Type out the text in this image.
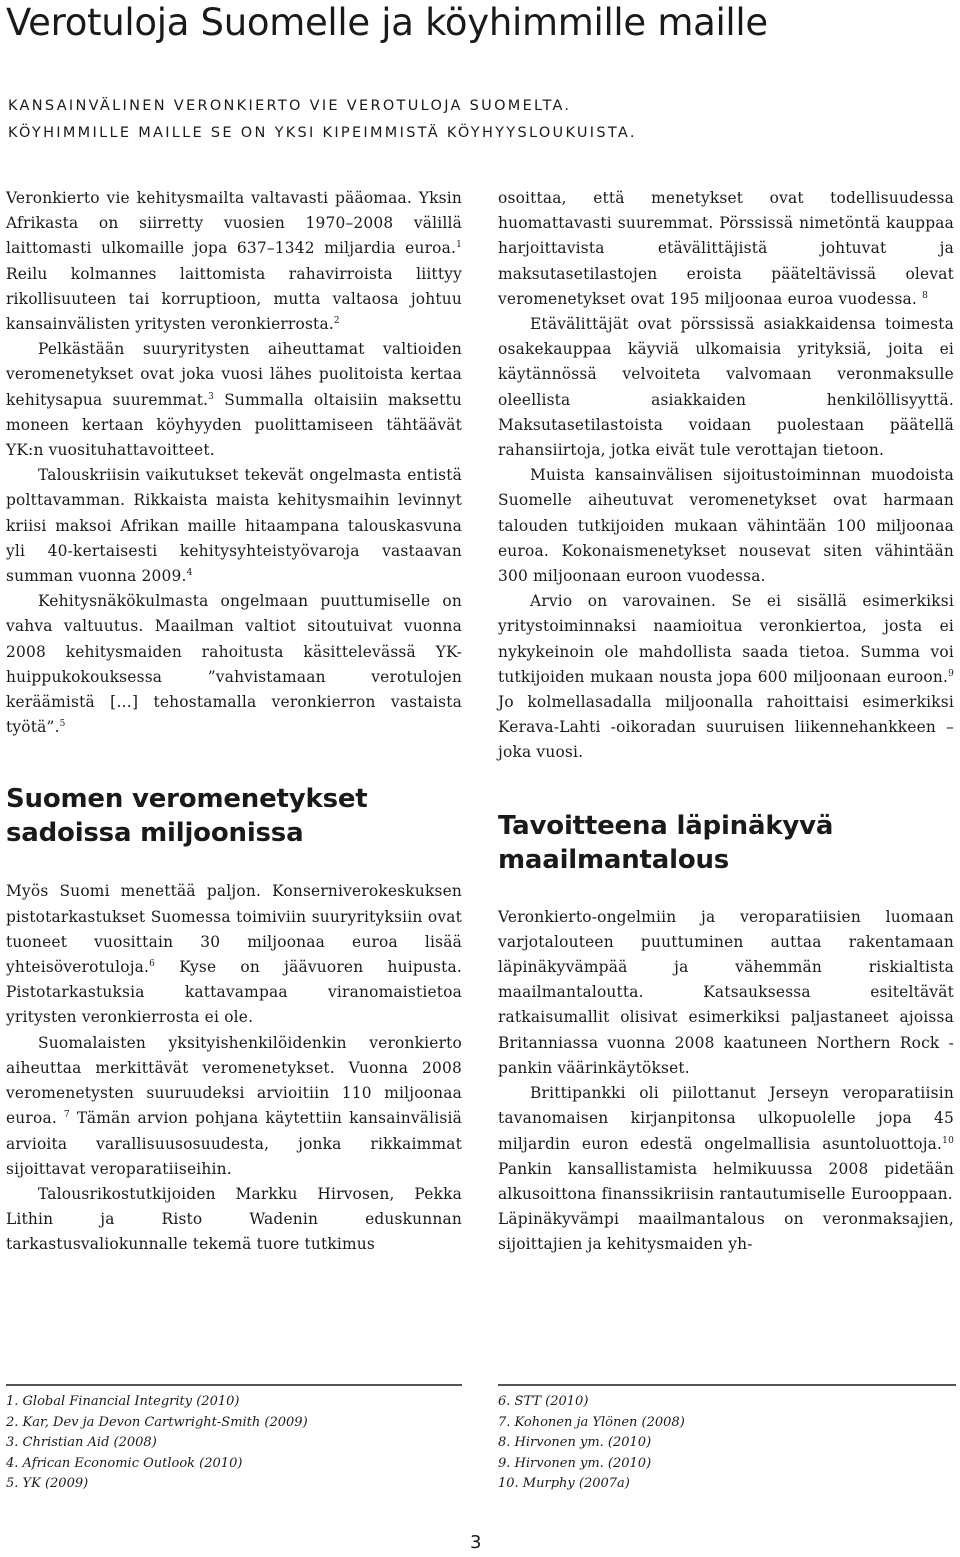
Verotuloja Suomelle ja köyhimmille maille
KANSAINVÄLINEN VERONKIERTO VIE VEROTULOJA SUOMELTA.
KÖYHIMMILLE MAILLE SE ON YKSI KIPEIMMISTÄ KÖYHYYSLOUKUISTA.

Veronkierto vie kehitysmailta valtavasti pääomaa. Yksin Afrikasta on siirretty vuosien 1970–2008 välillä laittomasti ulkomaille jopa 637–1342 miljardia euroa.$^1$ Reilu kolmannes laittomista rahavirroista liittyy rikollisuuteen tai korruptioon, mutta valtaosa johtuu kansainvälisten yritysten veronkierrosta.$^2$

Pelkästään suuryritysten aiheuttamat valtioiden veromenetykset ovat joka vuosi lähes puolitoista kertaa kehitysapua suuremmat.$^3$ Summalla oltaisiin maksettu moneen kertaan köyhyyden puolittamiseen tähtäävät YK:n vuosituhattavoitteet.

Talouskriisin vaikutukset tekevät ongelmasta entistä polttavamman. Rikkaista maista kehitysmaihin levinnyt kriisi maksoi Afrikan maille hitaampana talouskasvuna yli 40-kertaisesti kehitysyhteistyövaroja vastaavan summan vuonna 2009.$^4$

Kehitysnäkökulmasta ongelmaan puuttumiselle on vahva valtuutus. Maailman valtiot sitoutuivat vuonna 2008 kehitysmaiden rahoitusta käsittelevässä YK-huippukokouksessa ”vahvistamaan verotulojen keräämistä […] tehostamalla veronkierron vastaista työtä”.$^5$

Suomen veromenetykset sadoissa miljoonissa

Myös Suomi menettää paljon. Konserniverokeskuksen pistotarkastukset Suomessa toimiviin suuryrityksiin ovat tuoneet vuosittain 30 miljoonaa euroa lisää yhteisöverotuloja.$^6$ Kyse on jäävuoren huipusta. Pistotarkastuksia kattavampaa viranomaistietoa yritysten veronkierrosta ei ole.

Suomalaisten yksityishenkilöidenkin veronkierto aiheuttaa merkittävät veromenetykset. Vuonna 2008 veromenetysten suuruudeksi arvioitiin 110 miljoonaa euroa. $^7$ Tämän arvion pohjana käytettiin kansainvälisiä arvioita varallisuusosuudesta, jonka rikkaimmat sijoittavat veroparatiiseihin.

Talousrikostutkijoiden Markku Hirvosen, Pekka Lithin ja Risto Wadenin eduskunnan tarkastusvaliokunnalle tekemä tuore tutkimus

osoittaa, että menetykset ovat todellisuudessa huomattavasti suuremmat. Pörssissä nimetöntä kauppaa harjoittavista etävälittäjistä johtuvat ja maksutasetilastojen eroista pääteltävissä olevat veromenetykset ovat 195 miljoonaa euroa vuodessa. $^8$

Etävälittäjät ovat pörssissä asiakkaidensa toimesta osakekauppaa käyviä ulkomaisia yrityksiä, joita ei käytännössä velvoiteta valvomaan veronmaksulle oleellista asiakkaiden henkilöllisyyttä. Maksutasetilastoista voidaan puolestaan päätellä rahansiirtoja, jotka eivät tule verottajan tietoon.

Muista kansainvälisen sijoitustoiminnan muodoista Suomelle aiheutuvat veromenetykset ovat harmaan talouden tutkijoiden mukaan vähintään 100 miljoonaa euroa. Kokonaismenetykset nousevat siten vähintään 300 miljoonaan euroon vuodessa.

Arvio on varovainen. Se ei sisällä esimerkiksi yritystoiminnaksi naamioitua veronkiertoa, josta ei nykykeinoin ole mahdollista saada tietoa. Summa voi tutkijoiden mukaan nousta jopa 600 miljoonaan euroon.$^9$ Jo kolmellasadalla miljoonalla rahoittaisi esimerkiksi Kerava-Lahti -oikoradan suuruisen liikennehankkeen – joka vuosi.

Tavoitteena läpinäkyvä maailmantalous

Veronkierto-ongelmiin ja veroparatiisien luomaan varjotalouteen puuttuminen auttaa rakentamaan läpinäkyvämpää ja vähemmän riskialtista maailmantaloutta. Katsauksessa esiteltävät ratkaisumallit olisivat esimerkiksi paljastaneet ajoissa Britanniassa vuonna 2008 kaatuneen Northern Rock -pankin väärinkäytökset.

Brittipankki oli piilottanut Jerseyn veroparatiisin tavanomaisen kirjanpitonsa ulkopuolelle jopa 45 miljardin euron edestä ongelmallisia asuntoluottoja.$^{10}$ Pankin kansallistamista helmikuussa 2008 pidetään alkusoittona finanssikriisin rantautumiselle Eurooppaan.

Läpinäkyvämpi maailmantalous on veronmaksajien, sijoittajien ja kehitysmaiden yh-

1. Global Financial Integrity (2010)
2. Kar, Dev ja Devon Cartwright-Smith (2009)
3. Christian Aid (2008)
4. African Economic Outlook (2010)
5. YK (2009)
6. STT (2010)
7. Kohonen ja Ylönen (2008)
8. Hirvonen ym. (2010)
9. Hirvonen ym. (2010)
10. Murphy (2007a)
3
